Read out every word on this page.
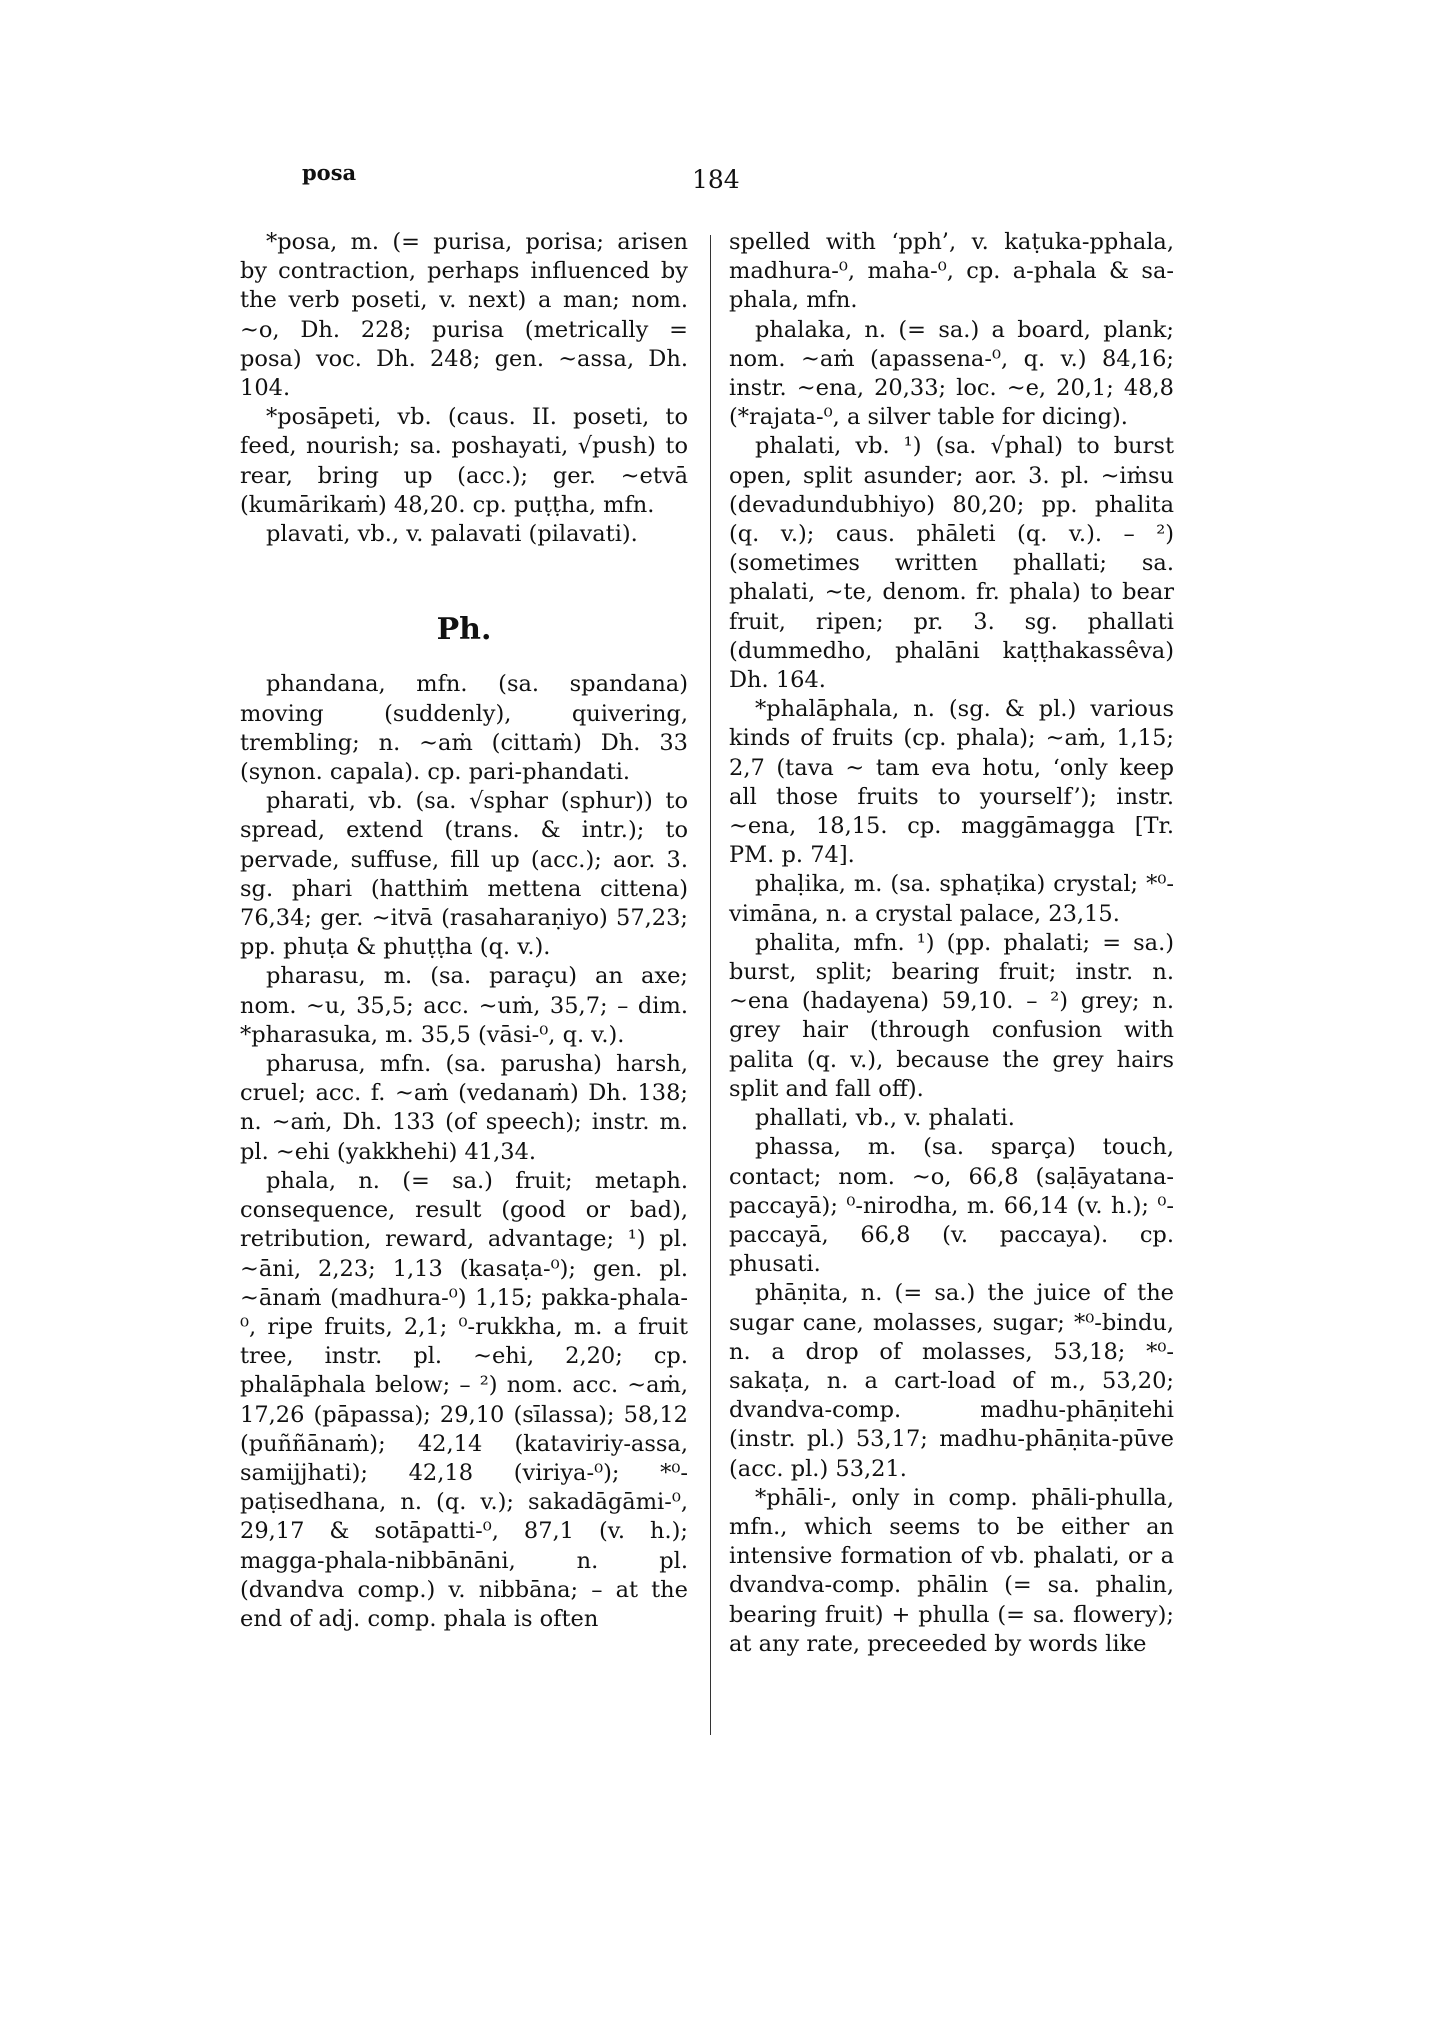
posa	184

*posa, m. (= purisa, porisa; arisen by contraction, perhaps influenced by the verb poseti, v. next) a man; nom. ~o, Dh. 228; purisa (metrically = posa) voc. Dh. 248; gen. ~assa, Dh. 104.

*posāpeti, vb. (caus. II. poseti, to feed, nourish; sa. poshayati, √push) to rear, bring up (acc.); ger. ~etvā (kumārikaṁ) 48,20. cp. puṭṭha, mfn.

plavati, vb., v. palavati (pilavati).

Ph.

phandana, mfn. (sa. spandana) moving (suddenly), quivering, trembling; n. ~aṁ (cittaṁ) Dh. 33 (synon. capala). cp. pari-phandati.

pharati, vb. (sa. √sphar (sphur)) to spread, extend (trans. & intr.); to pervade, suffuse, fill up (acc.); aor. 3. sg. phari (hatthiṁ mettena cittena) 76,34; ger. ~itvā (rasaharaṇiyo) 57,23; pp. phuṭa & phuṭṭha (q. v.).

pharasu, m. (sa. paraçu) an axe; nom. ~u, 35,5; acc. ~uṁ, 35,7; – dim. *pharasuka, m. 35,5 (vāsi-⁰, q. v.).

pharusa, mfn. (sa. parusha) harsh, cruel; acc. f. ~aṁ (vedanaṁ) Dh. 138; n. ~aṁ, Dh. 133 (of speech); instr. m. pl. ~ehi (yakkhehi) 41,34.

phala, n. (= sa.) fruit; metaph. consequence, result (good or bad), retribution, reward, advantage; ¹) pl. ~āni, 2,23; 1,13 (kasaṭa-⁰); gen. pl. ~ānaṁ (madhura-⁰) 1,15; pakka-phala-⁰, ripe fruits, 2,1; ⁰-rukkha, m. a fruit tree, instr. pl. ~ehi, 2,20; cp. phalāphala below; – ²) nom. acc. ~aṁ, 17,26 (pāpassa); 29,10 (sīlassa); 58,12 (puññānaṁ); 42,14 (kataviriy-assa, samijjhati); 42,18 (viriya-⁰); *⁰-paṭisedhana, n. (q. v.); sakadāgāmi-⁰, 29,17 & sotāpatti-⁰, 87,1 (v. h.); magga-phala-nibbānāni, n. pl. (dvandva comp.) v. nibbāna; – at the end of adj. comp. phala is often

spelled with ‘pph’, v. kaṭuka-pphala, madhura-⁰, maha-⁰, cp. a-phala & sa-phala, mfn.

phalaka, n. (= sa.) a board, plank; nom. ~aṁ (apassena-⁰, q. v.) 84,16; instr. ~ena, 20,33; loc. ~e, 20,1; 48,8 (*rajata-⁰, a silver table for dicing).

phalati, vb. ¹) (sa. √phal) to burst open, split asunder; aor. 3. pl. ~iṁsu (devadundubhiyo) 80,20; pp. phalita (q. v.); caus. phāleti (q. v.). – ²) (sometimes written phallati; sa. phalati, ~te, denom. fr. phala) to bear fruit, ripen; pr. 3. sg. phallati (dummedho, phalāni kaṭṭhakassêva) Dh. 164.

*phalāphala, n. (sg. & pl.) various kinds of fruits (cp. phala); ~aṁ, 1,15; 2,7 (tava ~ tam eva hotu, ‘only keep all those fruits to yourself’); instr. ~ena, 18,15. cp. maggāmagga [Tr. PM. p. 74].

phaḷika, m. (sa. sphaṭika) crystal; *⁰-vimāna, n. a crystal palace, 23,15.

phalita, mfn. ¹) (pp. phalati; = sa.) burst, split; bearing fruit; instr. n. ~ena (hadayena) 59,10. – ²) grey; n. grey hair (through confusion with palita (q. v.), because the grey hairs split and fall off).

phallati, vb., v. phalati.

phassa, m. (sa. sparça) touch, contact; nom. ~o, 66,8 (saḷāyatana-paccayā); ⁰-nirodha, m. 66,14 (v. h.); ⁰-paccayā, 66,8 (v. paccaya). cp. phusati.

phāṇita, n. (= sa.) the juice of the sugar cane, molasses, sugar; *⁰-bindu, n. a drop of molasses, 53,18; *⁰-sakaṭa, n. a cart-load of m., 53,20; dvandva-comp. madhu-phāṇitehi (instr. pl.) 53,17; madhu-phāṇita-pūve (acc. pl.) 53,21.

*phāli-, only in comp. phāli-phulla, mfn., which seems to be either an intensive formation of vb. phalati, or a dvandva-comp. phālin (= sa. phalin, bearing fruit) + phulla (= sa. flowery); at any rate, preceeded by words like
